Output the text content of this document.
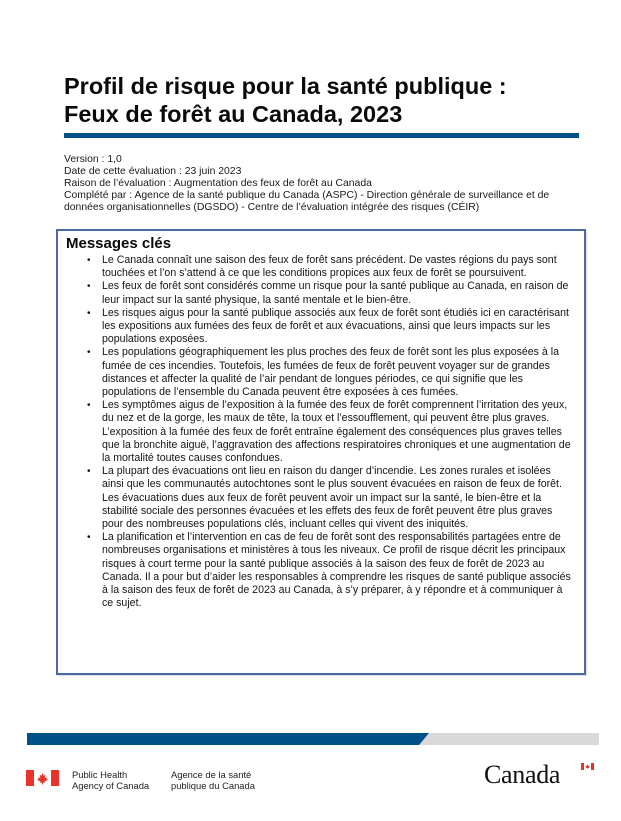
Profil de risque pour la santé publique :
Feux de forêt au Canada, 2023
Version : 1,0
Date de cette évaluation : 23 juin 2023
Raison de l’évaluation : Augmentation des feux de forêt au Canada
Complété par : Agence de la santé publique du Canada (ASPC) - Direction générale de surveillance et de
données organisationnelles (DGSDO) - Centre de l’évaluation intégrée des risques (CÉIR)
Messages clés
• Le Canada connaît une saison des feux de forêt sans précédent. De vastes régions du pays sont touchées et l’on s’attend à ce que les conditions propices aux feux de forêt se poursuivent.
• Les feux de forêt sont considérés comme un risque pour la santé publique au Canada, en raison de leur impact sur la santé physique, la santé mentale et le bien-être.
• Les risques aigus pour la santé publique associés aux feux de forêt sont étudiés ici en caractérisant les expositions aux fumées des feux de forêt et aux évacuations, ainsi que leurs impacts sur les populations exposées.
• Les populations géographiquement les plus proches des feux de forêt sont les plus exposées à la fumée de ces incendies. Toutefois, les fumées de feux de forêt peuvent voyager sur de grandes distances et affecter la qualité de l’air pendant de longues périodes, ce qui signifie que les populations de l’ensemble du Canada peuvent être exposées à ces fumées.
• Les symptômes aigus de l’exposition à la fumée des feux de forêt comprennent l’irritation des yeux, du nez et de la gorge, les maux de tête, la toux et l’essoufflement, qui peuvent être plus graves. L’exposition à la fumée des feux de forêt entraîne également des conséquences plus graves telles que la bronchite aiguë, l’aggravation des affections respiratoires chroniques et une augmentation de la mortalité toutes causes confondues.
• La plupart des évacuations ont lieu en raison du danger d’incendie. Les zones rurales et isolées ainsi que les communautés autochtones sont le plus souvent évacuées en raison de feux de forêt. Les évacuations dues aux feux de forêt peuvent avoir un impact sur la santé, le bien-être et la stabilité sociale des personnes évacuées et les effets des feux de forêt peuvent être plus graves pour des nombreuses populations clés, incluant celles qui vivent des iniquités.
• La planification et l’intervention en cas de feu de forêt sont des responsabilités partagées entre de nombreuses organisations et ministères à tous les niveaux. Ce profil de risque décrit les principaux risques à court terme pour la santé publique associés à la saison des feux de forêt de 2023 au Canada. Il a pour but d’aider les responsables à comprendre les risques de santé publique associés à la saison des feux de forêt de 2023 au Canada, à s’y préparer, à y répondre et à communiquer à ce sujet.
Public Health
Agency of Canada
Agence de la santé
publique du Canada	Canada
